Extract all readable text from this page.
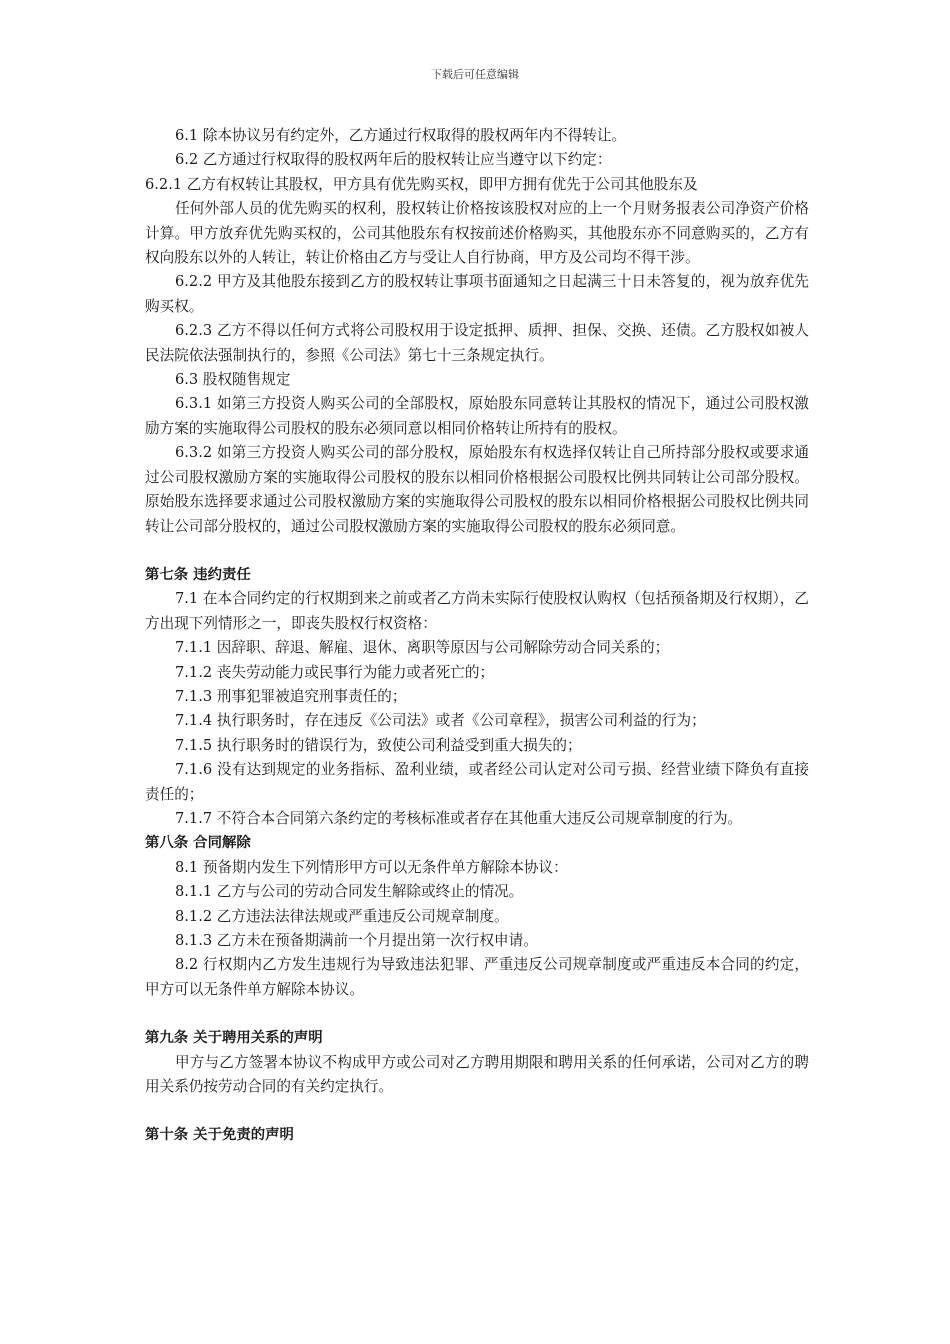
下载后可任意编辑

6.1 除本协议另有约定外，乙方通过行权取得的股权两年内不得转让。

6.2 乙方通过行权取得的股权两年后的股权转让应当遵守以下约定：

6.2.1 乙方有权转让其股权，甲方具有优先购买权，即甲方拥有优先于公司其他股东及

任何外部人员的优先购买的权利，股权转让价格按该股权对应的上一个月财务报表公司净资产价格计算。甲方放弃优先购买权的，公司其他股东有权按前述价格购买，其他股东亦不同意购买的，乙方有权向股东以外的人转让，转让价格由乙方与受让人自行协商，甲方及公司均不得干涉。

6.2.2 甲方及其他股东接到乙方的股权转让事项书面通知之日起满三十日未答复的，视为放弃优先购买权。

6.2.3 乙方不得以任何方式将公司股权用于设定抵押、质押、担保、交换、还债。乙方股权如被人民法院依法强制执行的，参照《公司法》第七十三条规定执行。

6.3 股权随售规定

6.3.1 如第三方投资人购买公司的全部股权，原始股东同意转让其股权的情况下，通过公司股权激励方案的实施取得公司股权的股东必须同意以相同价格转让所持有的股权。

6.3.2 如第三方投资人购买公司的部分股权，原始股东有权选择仅转让自己所持部分股权或要求通过公司股权激励方案的实施取得公司股权的股东以相同价格根据公司股权比例共同转让公司部分股权。原始股东选择要求通过公司股权激励方案的实施取得公司股权的股东以相同价格根据公司股权比例共同转让公司部分股权的，通过公司股权激励方案的实施取得公司股权的股东必须同意。

第七条 违约责任

7.1 在本合同约定的行权期到来之前或者乙方尚未实际行使股权认购权（包括预备期及行权期），乙方出现下列情形之一，即丧失股权行权资格：

7.1.1 因辞职、辞退、解雇、退休、离职等原因与公司解除劳动合同关系的；

7.1.2 丧失劳动能力或民事行为能力或者死亡的；

7.1.3 刑事犯罪被追究刑事责任的；

7.1.4 执行职务时，存在违反《公司法》或者《公司章程》，损害公司利益的行为；

7.1.5 执行职务时的错误行为，致使公司利益受到重大损失的；

7.1.6 没有达到规定的业务指标、盈利业绩，或者经公司认定对公司亏损、经营业绩下降负有直接责任的；

7.1.7 不符合本合同第六条约定的考核标准或者存在其他重大违反公司规章制度的行为。

第八条 合同解除

8.1 预备期内发生下列情形甲方可以无条件单方解除本协议：

8.1.1 乙方与公司的劳动合同发生解除或终止的情况。

8.1.2 乙方违法法律法规或严重违反公司规章制度。

8.1.3 乙方未在预备期满前一个月提出第一次行权申请。

8.2 行权期内乙方发生违规行为导致违法犯罪、严重违反公司规章制度或严重违反本合同的约定，甲方可以无条件单方解除本协议。

第九条 关于聘用关系的声明

甲方与乙方签署本协议不构成甲方或公司对乙方聘用期限和聘用关系的任何承诺，公司对乙方的聘用关系仍按劳动合同的有关约定执行。

第十条 关于免责的声明
